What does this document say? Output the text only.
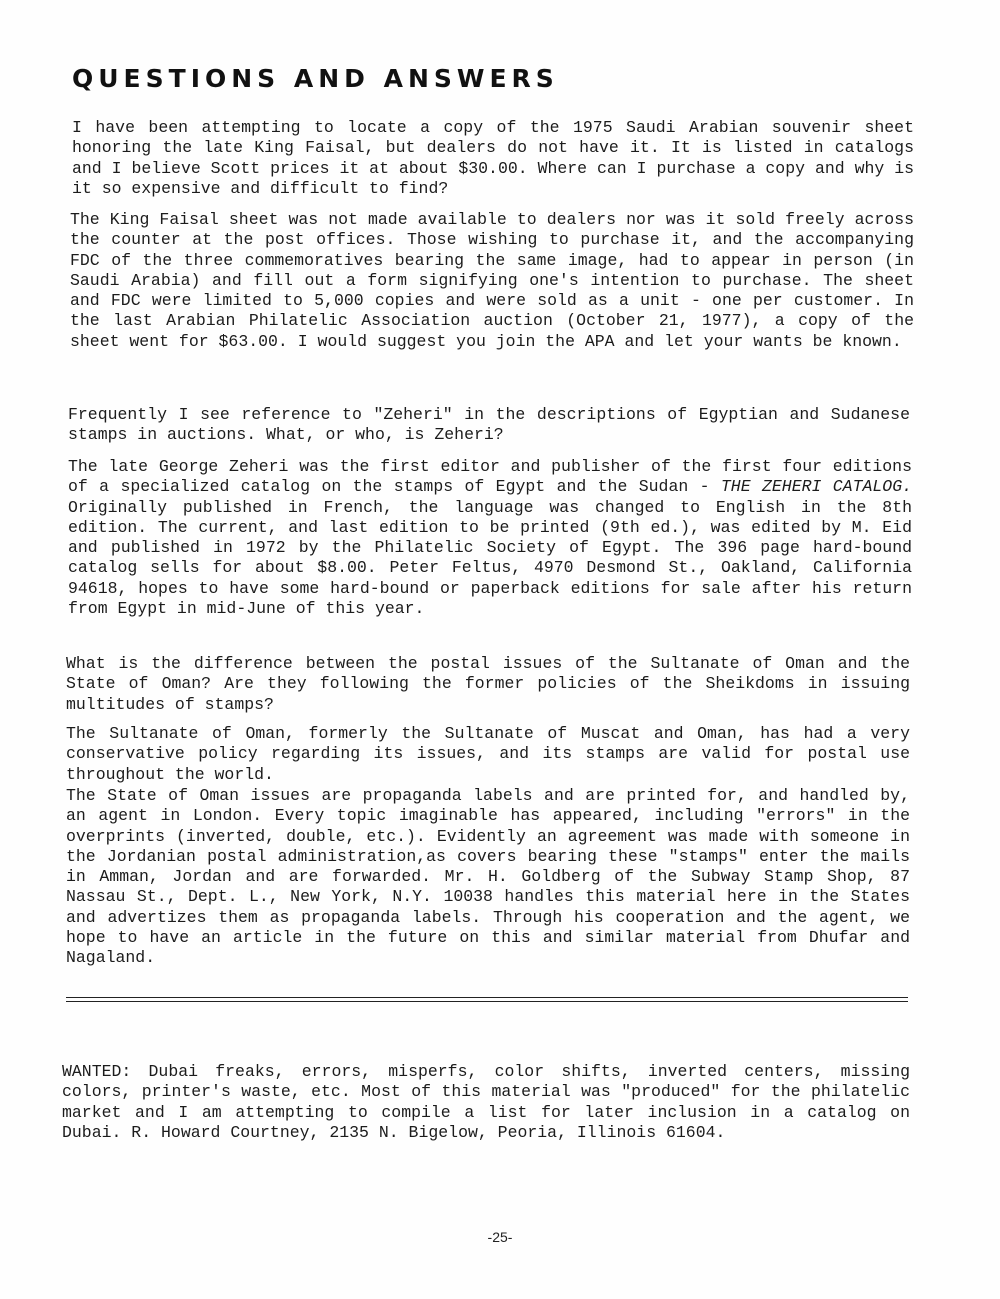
QUESTIONS AND ANSWERS

I have been attempting to locate a copy of the 1975 Saudi Arabian souvenir sheet honoring the late King Faisal, but dealers do not have it. It is listed in catalogs and I believe Scott prices it at about $30.00. Where can I purchase a copy and why is it so expensive and difficult to find?

The King Faisal sheet was not made available to dealers nor was it sold freely across the counter at the post offices. Those wishing to purchase it, and the accompanying FDC of the three commemoratives bearing the same image, had to appear in person (in Saudi Arabia) and fill out a form signifying one's intention to purchase. The sheet and FDC were limited to 5,000 copies and were sold as a unit - one per customer. In the last Arabian Philatelic Association auction (October 21, 1977), a copy of the sheet went for $63.00. I would suggest you join the APA and let your wants be known.

Frequently I see reference to "Zeheri" in the descriptions of Egyptian and Sudanese stamps in auctions. What, or who, is Zeheri?

The late George Zeheri was the first editor and publisher of the first four editions of a specialized catalog on the stamps of Egypt and the Sudan - THE ZEHERI CATALOG. Originally published in French, the language was changed to English in the 8th edition. The current, and last edition to be printed (9th ed.), was edited by M. Eid and published in 1972 by the Philatelic Society of Egypt. The 396 page hard-bound catalog sells for about $8.00. Peter Feltus, 4970 Desmond St., Oakland, California 94618, hopes to have some hard-bound or paperback editions for sale after his return from Egypt in mid-June of this year.

What is the difference between the postal issues of the Sultanate of Oman and the State of Oman? Are they following the former policies of the Sheikdoms in issuing multitudes of stamps?

The Sultanate of Oman, formerly the Sultanate of Muscat and Oman, has had a very conservative policy regarding its issues, and its stamps are valid for postal use throughout the world.

The State of Oman issues are propaganda labels and are printed for, and handled by, an agent in London. Every topic imaginable has appeared, including "errors" in the overprints (inverted, double, etc.). Evidently an agreement was made with someone in the Jordanian postal administration,as covers bearing these "stamps" enter the mails in Amman, Jordan and are forwarded. Mr. H. Goldberg of the Subway Stamp Shop, 87 Nassau St., Dept. L., New York, N.Y. 10038 handles this material here in the States and advertizes them as propaganda labels. Through his cooperation and the agent, we hope to have an article in the future on this and similar material from Dhufar and Nagaland.

WANTED: Dubai freaks, errors, misperfs, color shifts, inverted centers, missing colors, printer's waste, etc. Most of this material was "produced" for the philatelic market and I am attempting to compile a list for later inclusion in a catalog on Dubai. R. Howard Courtney, 2135 N. Bigelow, Peoria, Illinois 61604.

-25-
